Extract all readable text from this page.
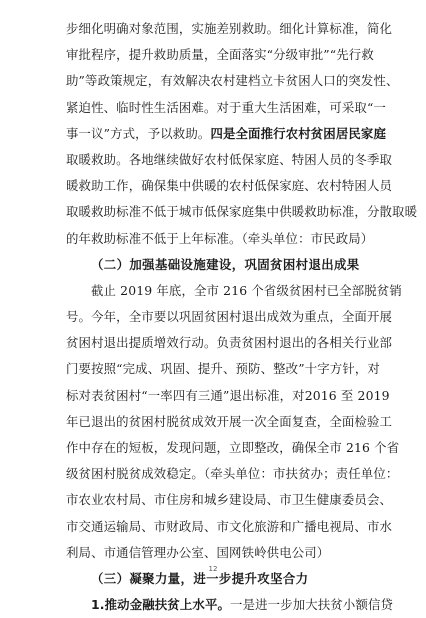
步细化明确对象范围，实施差别救助。细化计算标准，简化
审批程序，提升救助质量，全面落实“分级审批”“先行救
助”等政策规定，有效解决农村建档立卡贫困人口的突发性、
紧迫性、临时性生活困难。对于重大生活困难，可采取“一
事一议”方式，予以救助。四是全面推行农村贫困居民家庭
取暖救助。各地继续做好农村低保家庭、特困人员的冬季取
暖救助工作，确保集中供暖的农村低保家庭、农村特困人员
取暖救助标准不低于城市低保家庭集中供暖救助标准，分散取暖
的年救助标准不低于上年标准。（牵头单位：市民政局）
（二）加强基础设施建设，巩固贫困村退出成果
截止 2019 年底，全市 216 个省级贫困村已全部脱贫销
号。今年，全市要以巩固贫困村退出成效为重点，全面开展
贫困村退出提质增效行动。负责贫困村退出的各相关行业部
门要按照“完成、巩固、提升、预防、整改”十字方针，对
标对表贫困村“一率四有三通”退出标准，对2016 至 2019
年已退出的贫困村脱贫成效开展一次全面复查，全面检验工
作中存在的短板，发现问题，立即整改，确保全市 216 个省
级贫困村脱贫成效稳定。（牵头单位：市扶贫办；责任单位：
市农业农村局、市住房和城乡建设局、市卫生健康委员会、
市交通运输局、市财政局、市文化旅游和广播电视局、市水
利局、市通信管理办公室、国网铁岭供电公司）
（三）凝聚力量，进一步提升攻坚合力
1.推动金融扶贫上水平。一是进一步加大扶贫小额信贷
12
